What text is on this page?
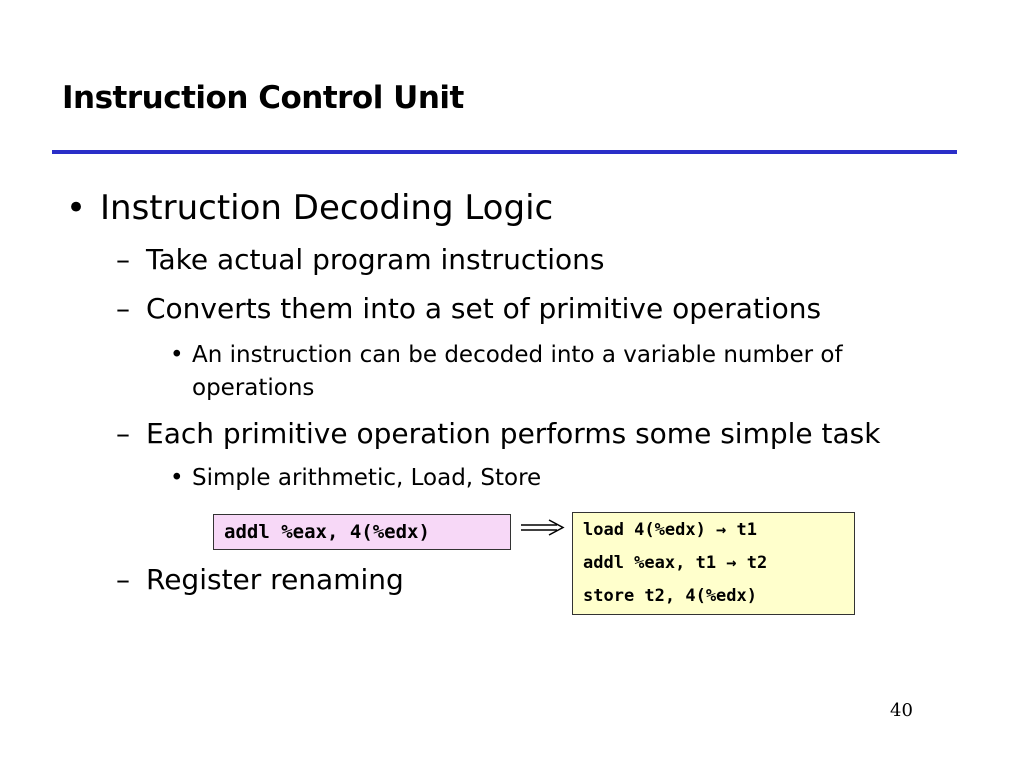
Instruction Control Unit
• Instruction Decoding Logic
– Take actual program instructions
– Converts them into a set of primitive operations
• An instruction can be decoded into a variable number of operations
– Each primitive operation performs some simple task
• Simple arithmetic, Load, Store
addl %eax, 4(%edx)	load 4(%edx) → t1
addl %eax, t1 → t2
store t2, 4(%edx)
– Register renaming
40
